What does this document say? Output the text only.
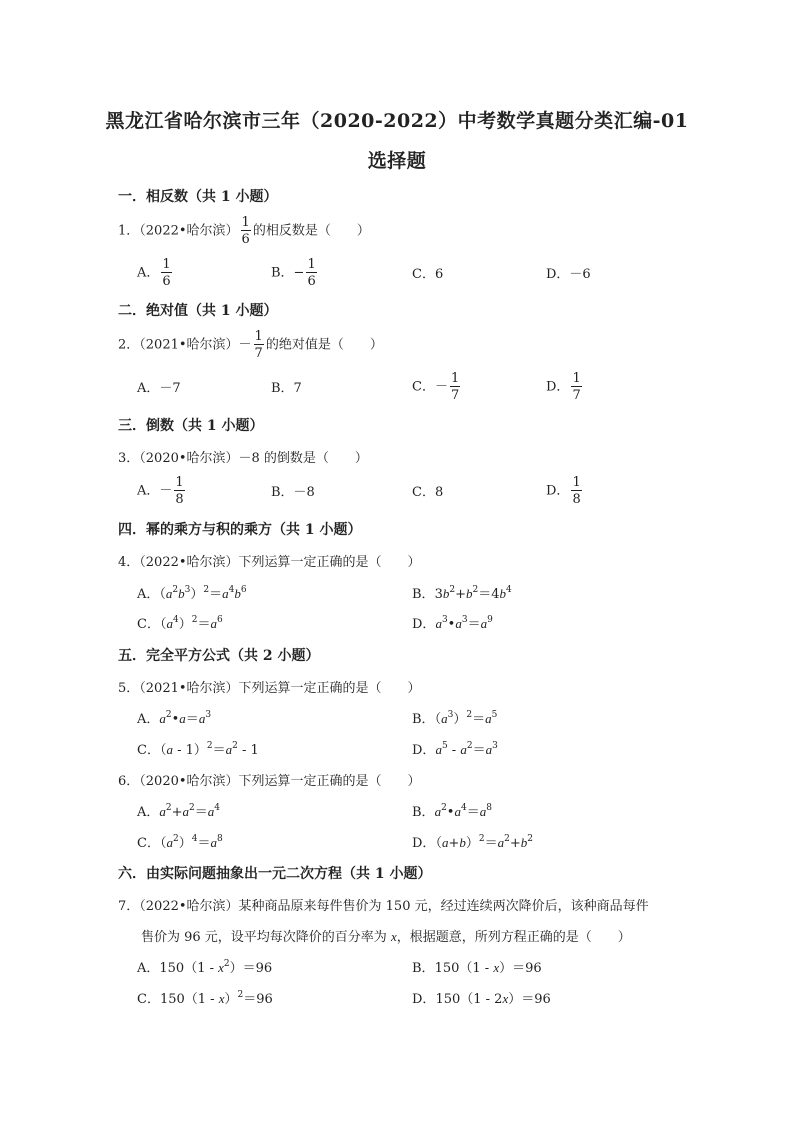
黑龙江省哈尔滨市三年（2020-2022）中考数学真题分类汇编-01
选择题
一．相反数（共 1 小题）
1．（2022•哈尔滨） $\frac{1}{6}$ 的相反数是（　　）
A． $\frac{1}{6}$	B．− $\frac{1}{6}$	C．6	D．－6
二．绝对值（共 1 小题）
2．（2021•哈尔滨）－ $\frac{1}{7}$ 的绝对值是（　　）
A．－7	B．7	C．－ $\frac{1}{7}$	D． $\frac{1}{7}$
三．倒数（共 1 小题）
3．（2020•哈尔滨）－8 的倒数是（　　）
A．－ $\frac{1}{8}$	B．－8	C．8	D． $\frac{1}{8}$
四．幂的乘方与积的乘方（共 1 小题）
4．（2022•哈尔滨）下列运算一定正确的是（　　）
A．$(a^2b^3)^2=a^4b^6$	B．$3b^2+b^2=4b^4$
C．$(a^4)^2=a^6$	D．$a^3•a^3=a^9$
五．完全平方公式（共 2 小题）
5．（2021•哈尔滨）下列运算一定正确的是（　　）
A．$a^2•a=a^3$	B．$(a^3)^2=a^5$
C．$(a - 1)^2=a^2 - 1$	D．$a^5 - a^2=a^3$
6．（2020•哈尔滨）下列运算一定正确的是（　　）
A．$a^2+a^2=a^4$	B．$a^2•a^4=a^8$
C．$(a^2)^4=a^8$	D．$(a+b)^2=a^2+b^2$
六．由实际问题抽象出一元二次方程（共 1 小题）
7．（2022•哈尔滨）某种商品原来每件售价为 150 元，经过连续两次降价后，该种商品每件
售价为 96 元，设平均每次降价的百分率为 x，根据题意，所列方程正确的是（　　）
A．$150(1 - x^2)=96$	B．150（1 - x）＝96
C．150（1 - x）$^2$＝96	D．150（1 - 2x）＝96
